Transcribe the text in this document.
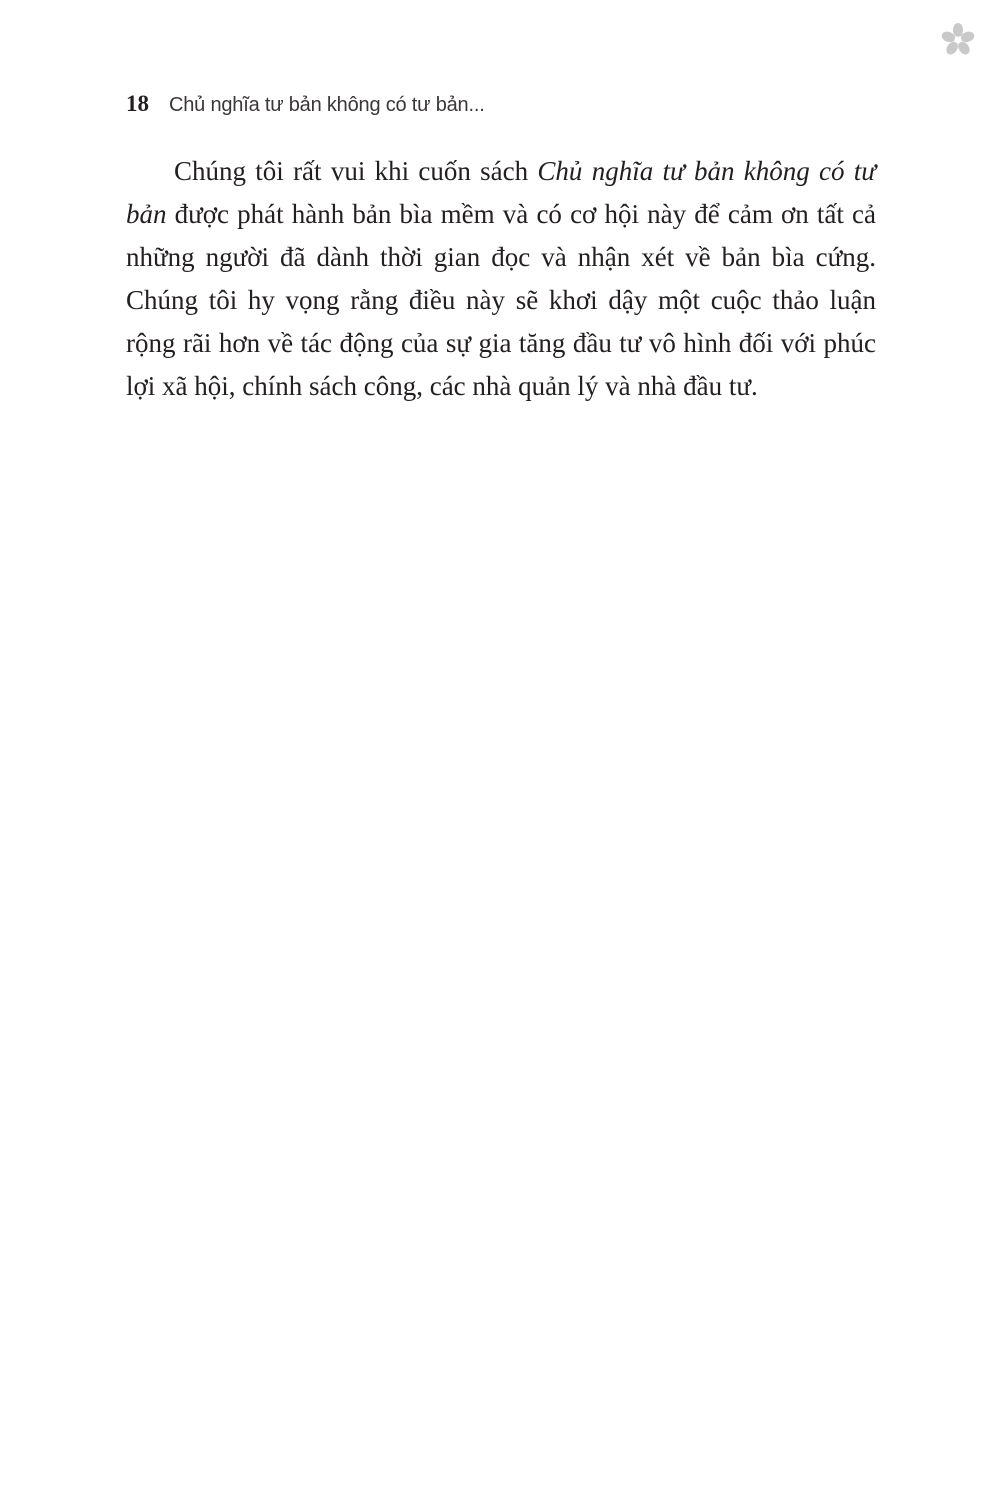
18 Chủ nghĩa tư bản không có tư bản...

Chúng tôi rất vui khi cuốn sách Chủ nghĩa tư bản không có tư bản được phát hành bản bìa mềm và có cơ hội này để cảm ơn tất cả những người đã dành thời gian đọc và nhận xét về bản bìa cứng. Chúng tôi hy vọng rằng điều này sẽ khơi dậy một cuộc thảo luận rộng rãi hơn về tác động của sự gia tăng đầu tư vô hình đối với phúc lợi xã hội, chính sách công, các nhà quản lý và nhà đầu tư.
